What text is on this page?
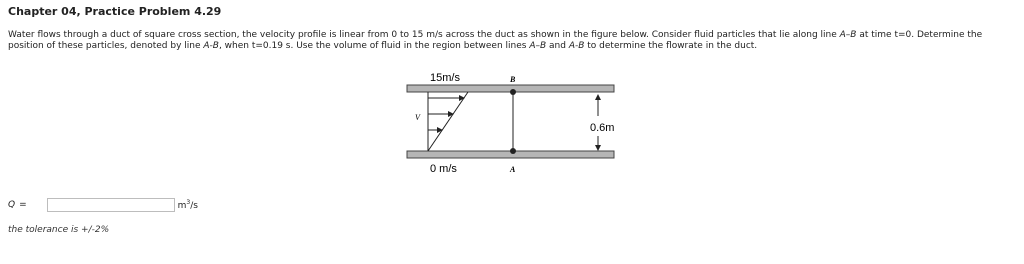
Chapter 04, Practice Problem 4.29
Water flows through a duct of square cross section, the velocity profile is linear from 0 to 15 m/s across the duct as shown in the figure below. Consider fluid particles that lie along line A–B at time t=0. Determine the position of these particles, denoted by line A-B, when t=0.19 s. Use the volume of fluid in the region between lines A–B and A-B to determine the flowrate in the duct.
15m/s
0 m/s
B
A
V
0.6m
Q =	$m^3/s$
the tolerance is +/-2%
